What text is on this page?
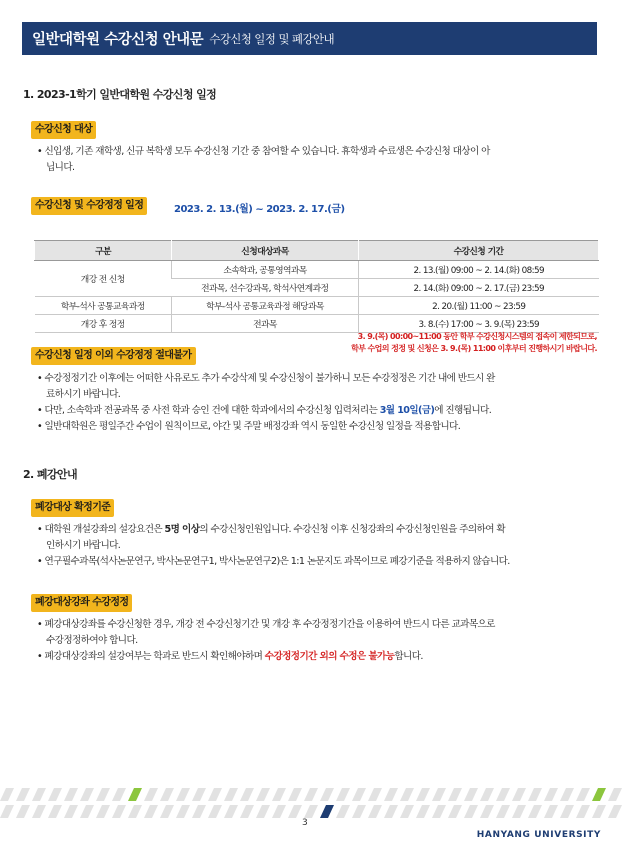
일반대학원 수강신청 안내문 수강신청 일정 및 폐강안내
1. 2023-1학기 일반대학원 수강신청 일정
수강신청 대상
• 신입생, 기존 재학생, 신규 복학생 모두 수강신청 기간 중 참여할 수 있습니다. 휴학생과 수료생은 수강신청 대상이 아
닙니다.
수강신청 및 수강정정 일정	2023. 2. 13.(월) ~ 2023. 2. 17.(금)
구분	신청대상과목	수강신청 기간
개강 전 신청	소속학과, 공통영역과목	2. 13.(월) 09:00 ~ 2. 14.(화) 08:59
	전과목, 선수강과목, 학석사연계과정	2. 14.(화) 09:00 ~ 2. 17.(금) 23:59
학부-석사 공통교육과정	학부-석사 공통교육과정 해당과목	2. 20.(월) 11:00 ~ 23:59
개강 후 정정	전과목	3. 8.(수) 17:00 ~ 3. 9.(목) 23:59
3. 9.(목) 00:00~11:00 동안 학부 수강신청시스템의 접속이 제한되므로,
학부 수업의 정정 및 신청은 3. 9.(목) 11:00 이후부터 진행하시기 바랍니다.
수강신청 일정 이외 수강정정 절대불가
• 수강정정기간 이후에는 어떠한 사유로도 추가 수강삭제 및 수강신청이 불가하니 모든 수강정정은 기간 내에 반드시 완
료하시기 바랍니다.
• 다만, 소속학과 전공과목 중 사전 학과 승인 건에 대한 학과에서의 수강신청 입력처리는 3월 10일(금)에 진행됩니다.
• 일반대학원은 평일주간 수업이 원칙이므로, 야간 및 주말 배정강좌 역시 동일한 수강신청 일정을 적용합니다.
2. 폐강안내
폐강대상 확정기준
• 대학원 개설강좌의 설강요건은 5명 이상의 수강신청인원입니다. 수강신청 이후 신청강좌의 수강신청인원을 주의하여 확
인하시기 바랍니다.
• 연구필수과목(석사논문연구, 박사논문연구1, 박사논문연구2)은 1:1 논문지도 과목이므로 폐강기준을 적용하지 않습니다.
폐강대상강좌 수강정정
• 폐강대상강좌를 수강신청한 경우, 개강 전 수강신청기간 및 개강 후 수강정정기간을 이용하여 반드시 다른 교과목으로
수강정정하여야 합니다.
• 폐강대상강좌의 설강여부는 학과로 반드시 확인해야하며 수강정정기간 외의 수정은 불가능합니다.
3
HANYANG UNIVERSITY
